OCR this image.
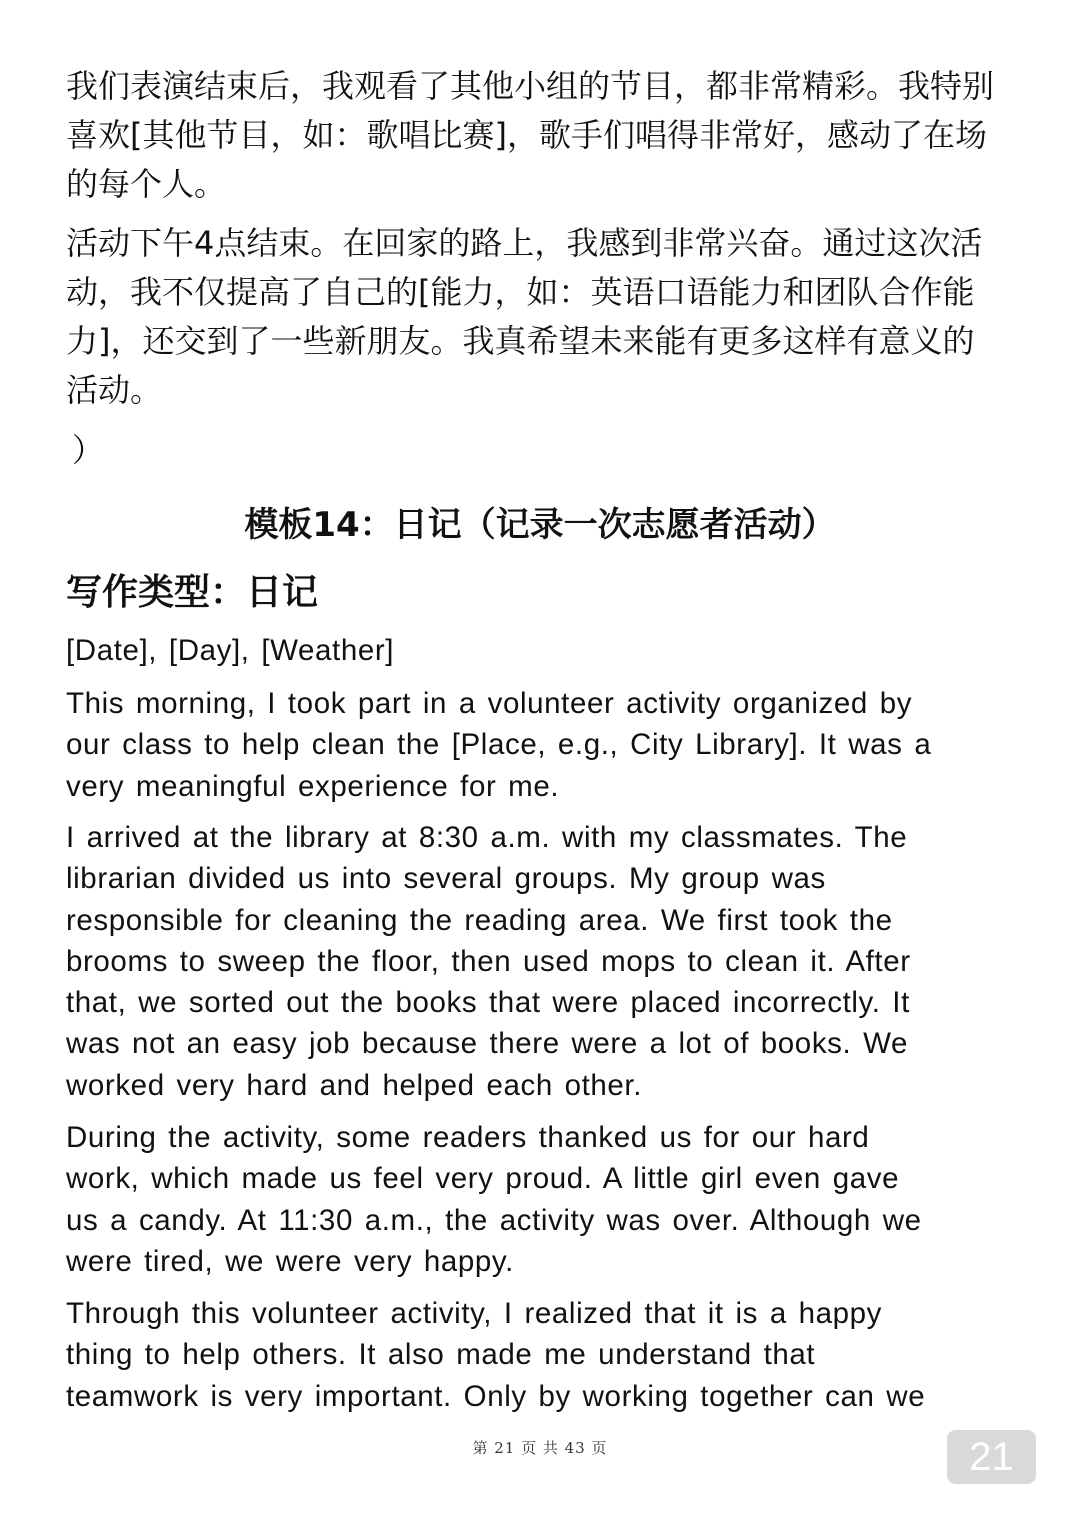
我们表演结束后，我观看了其他小组的节目，都非常精彩。我特别
喜欢[其他节目，如：歌唱比赛]，歌手们唱得非常好，感动了在场
的每个人。

活动下午4点结束。在回家的路上，我感到非常兴奋。通过这次活
动，我不仅提高了自己的[能力，如：英语口语能力和团队合作能
力]，还交到了一些新朋友。我真希望未来能有更多这样有意义的
活动。

）
模板14：日记（记录一次志愿者活动）
写作类型：日记

[Date], [Day], [Weather]

This morning, I took part in a volunteer activity organized by
our class to help clean the [Place, e.g., City Library]. It was a
very meaningful experience for me.

I arrived at the library at 8:30 a.m. with my classmates. The
librarian divided us into several groups. My group was
responsible for cleaning the reading area. We first took the
brooms to sweep the floor, then used mops to clean it. After
that, we sorted out the books that were placed incorrectly. It
was not an easy job because there were a lot of books. We
worked very hard and helped each other.

During the activity, some readers thanked us for our hard
work, which made us feel very proud. A little girl even gave
us a candy. At 11:30 a.m., the activity was over. Although we
were tired, we were very happy.

Through this volunteer activity, I realized that it is a happy
thing to help others. It also made me understand that
teamwork is very important. Only by working together can we

第 21 页 共 43 页	21
